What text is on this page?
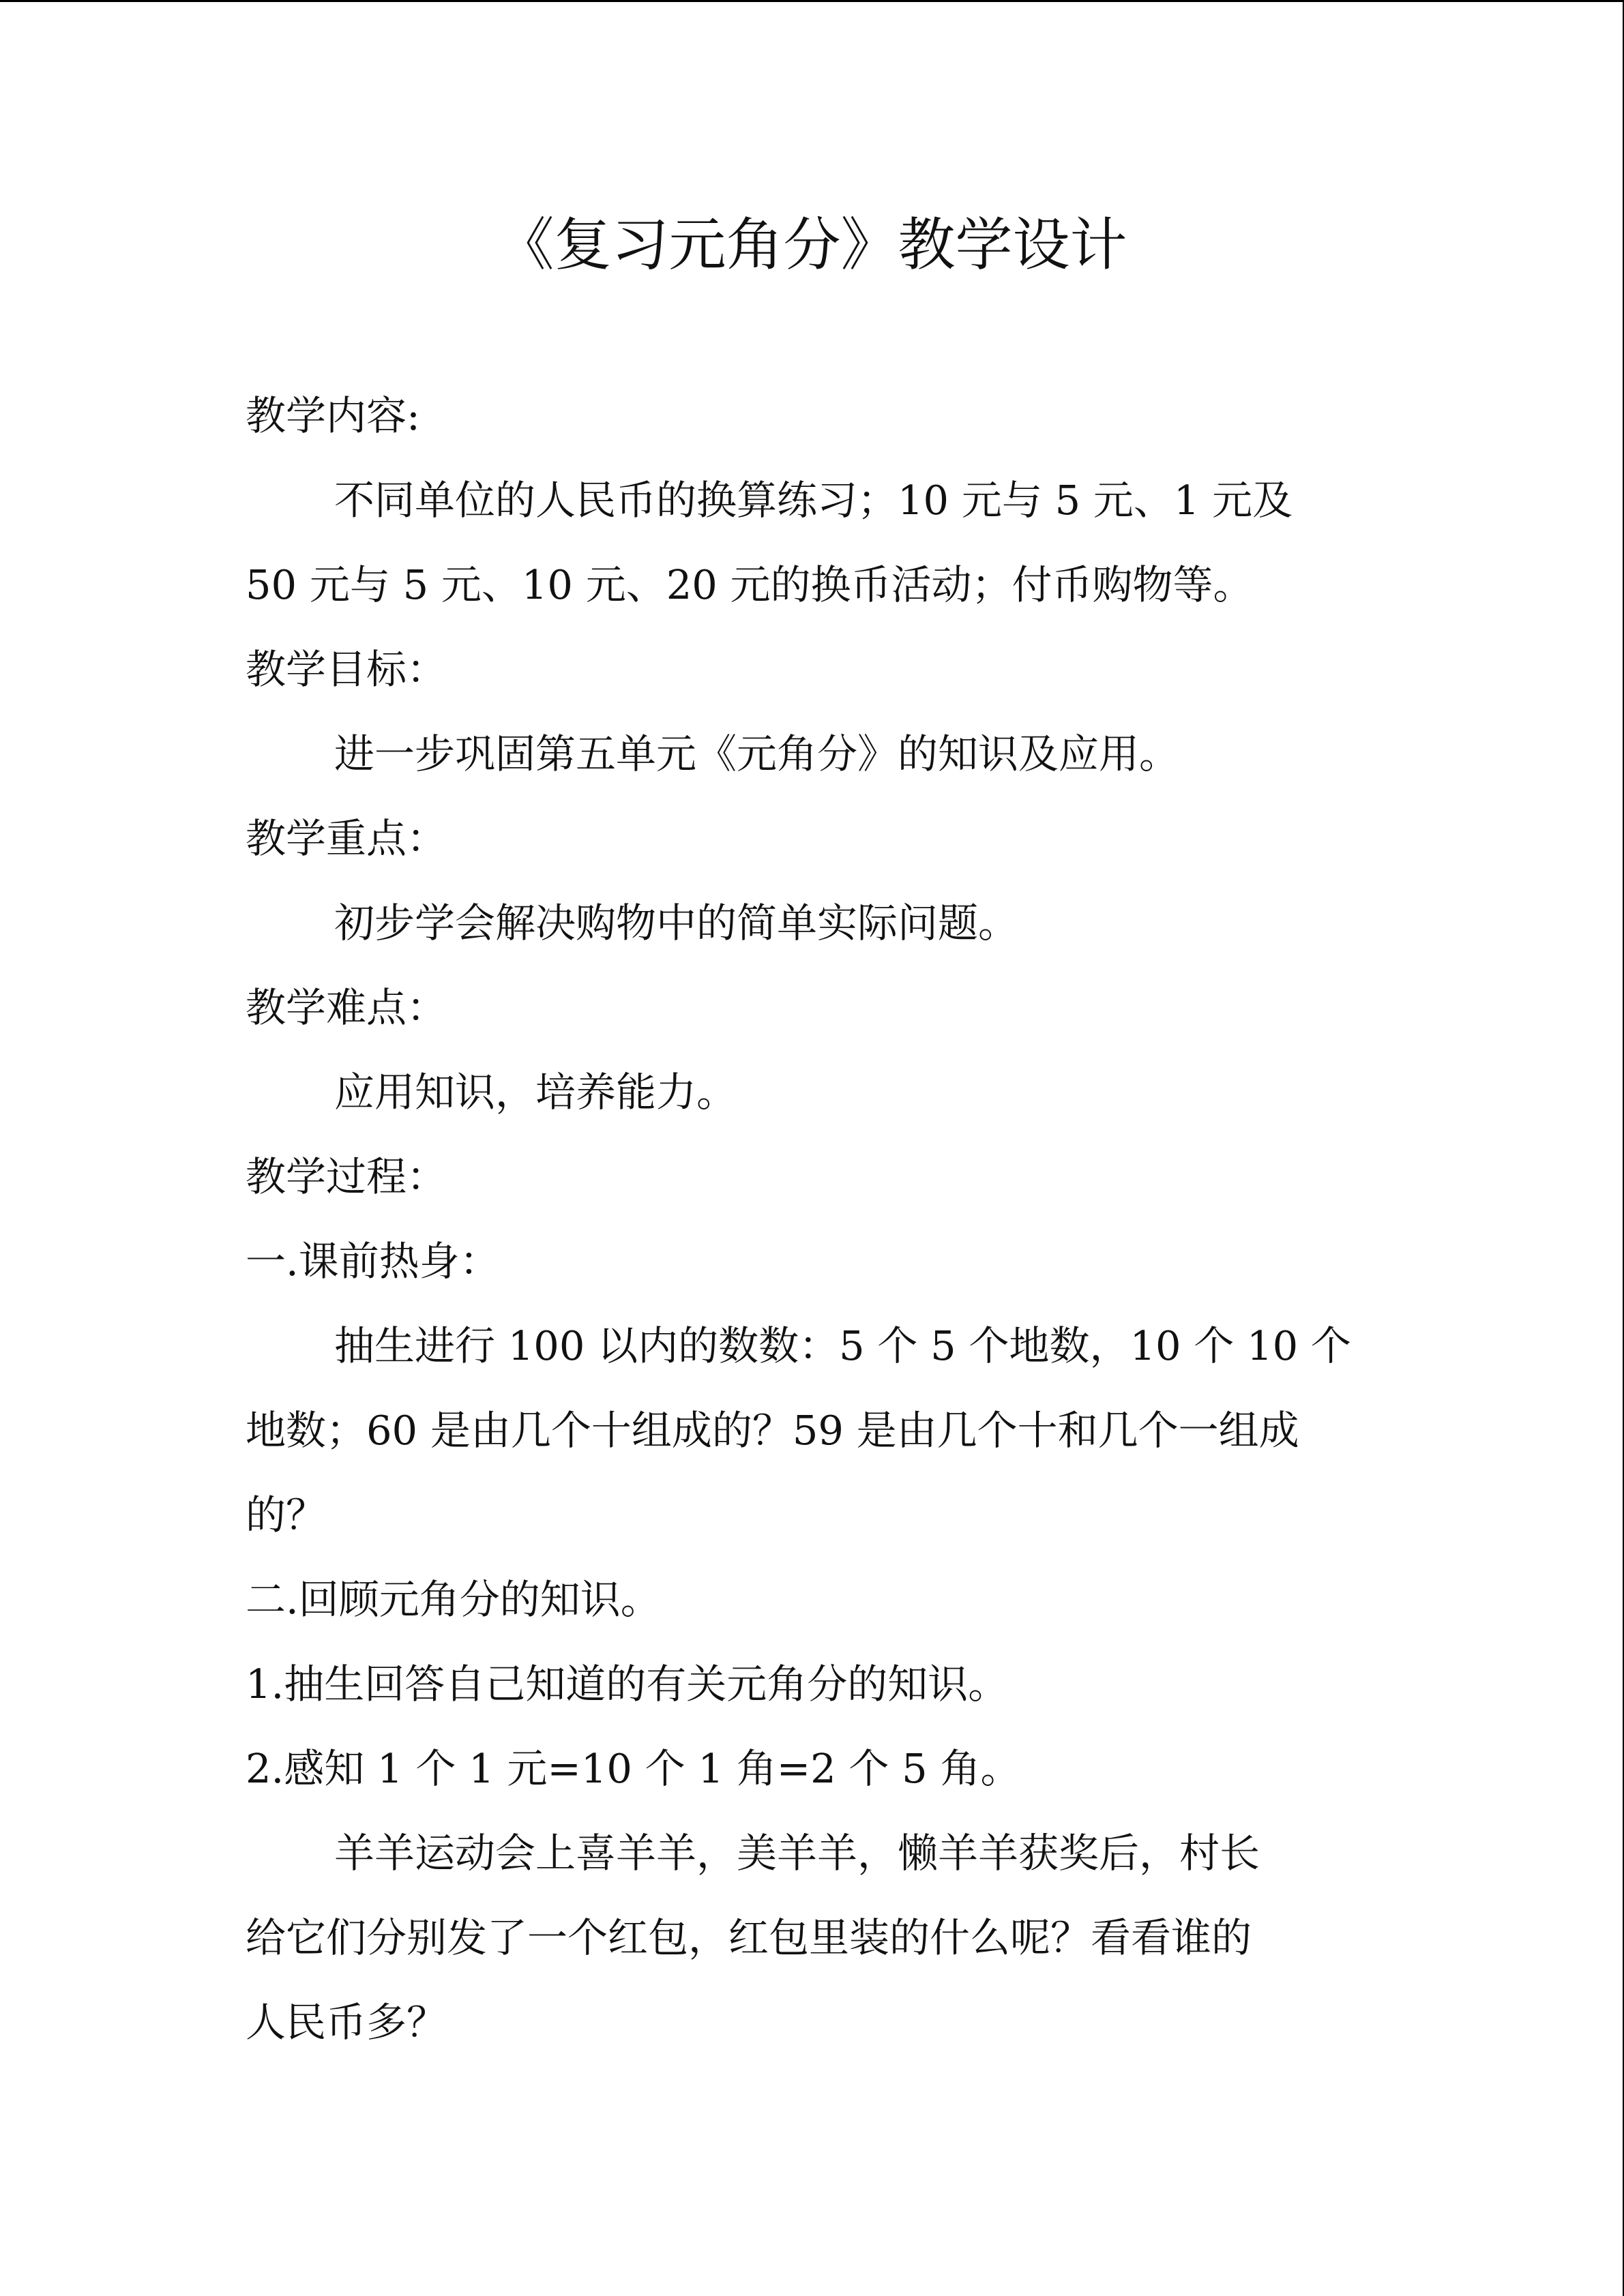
《复习元角分》教学设计

教学内容:

不同单位的人民币的换算练习；10 元与 5 元、1 元及

50 元与 5 元、10 元、20 元的换币活动；付币购物等。

教学目标：

进一步巩固第五单元《元角分》的知识及应用。

教学重点：

初步学会解决购物中的简单实际问题。

教学难点：

应用知识，培养能力。

教学过程：

一.课前热身：

抽生进行 100 以内的数数：5 个 5 个地数，10 个 10 个

地数；60 是由几个十组成的？59 是由几个十和几个一组成

的？

二.回顾元角分的知识。

1.抽生回答自己知道的有关元角分的知识。

2.感知 1 个 1 元=10 个 1 角=2 个 5 角。

羊羊运动会上喜羊羊，美羊羊，懒羊羊获奖后，村长

给它们分别发了一个红包，红包里装的什么呢？看看谁的

人民币多？
